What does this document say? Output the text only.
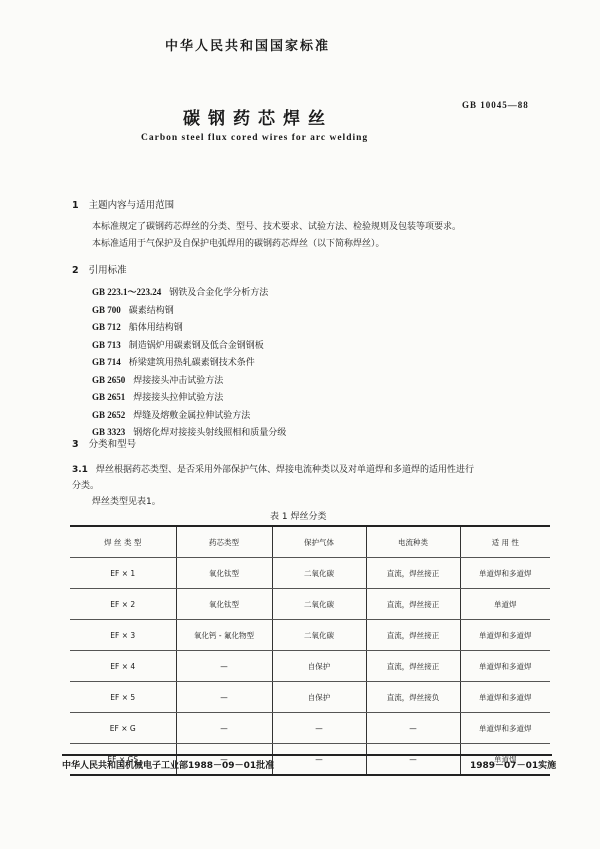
中华人民共和国国家标准
碳钢药芯焊丝
GB 10045—88
Carbon steel flux cored wires for arc welding
1 主题内容与适用范围
本标准规定了碳钢药芯焊丝的分类、型号、技术要求、试验方法、检验规则及包装等项要求。
本标准适用于气保护及自保护电弧焊用的碳钢药芯焊丝（以下简称焊丝）。
2 引用标准
GB 223.1～223.24 钢铁及合金化学分析方法
GB 700 碳素结构钢
GB 712 船体用结构钢
GB 713 制造锅炉用碳素钢及低合金钢钢板
GB 714 桥梁建筑用热轧碳素钢技术条件
GB 2650 焊接接头冲击试验方法
GB 2651 焊接接头拉伸试验方法
GB 2652 焊缝及熔敷金属拉伸试验方法
GB 3323 钢熔化焊对接接头射线照相和质量分级
3 分类和型号
3.1 焊丝根据药芯类型、是否采用外部保护气体、焊接电流种类以及对单道焊和多道焊的适用性进行
分类。
焊丝类型见表1。
表 1 焊丝分类
焊 丝 类 型	药芯类型	保护气体	电流种类	适 用 性
EF × 1	氧化钛型	二氧化碳	直流，焊丝接正	单道焊和多道焊
EF × 2	氧化钛型	二氧化碳	直流，焊丝接正	单道焊
EF × 3	氧化钙 - 氟化物型	二氧化碳	直流，焊丝接正	单道焊和多道焊
EF × 4	—	自保护	直流，焊丝接正	单道焊和多道焊
EF × 5	—	自保护	直流，焊丝接负	单道焊和多道焊
EF × G	—	—	—	单道焊和多道焊
EF × GS	—	—	—	单道焊
中华人民共和国机械电子工业部1988－09－01批准	1989－07－01实施
